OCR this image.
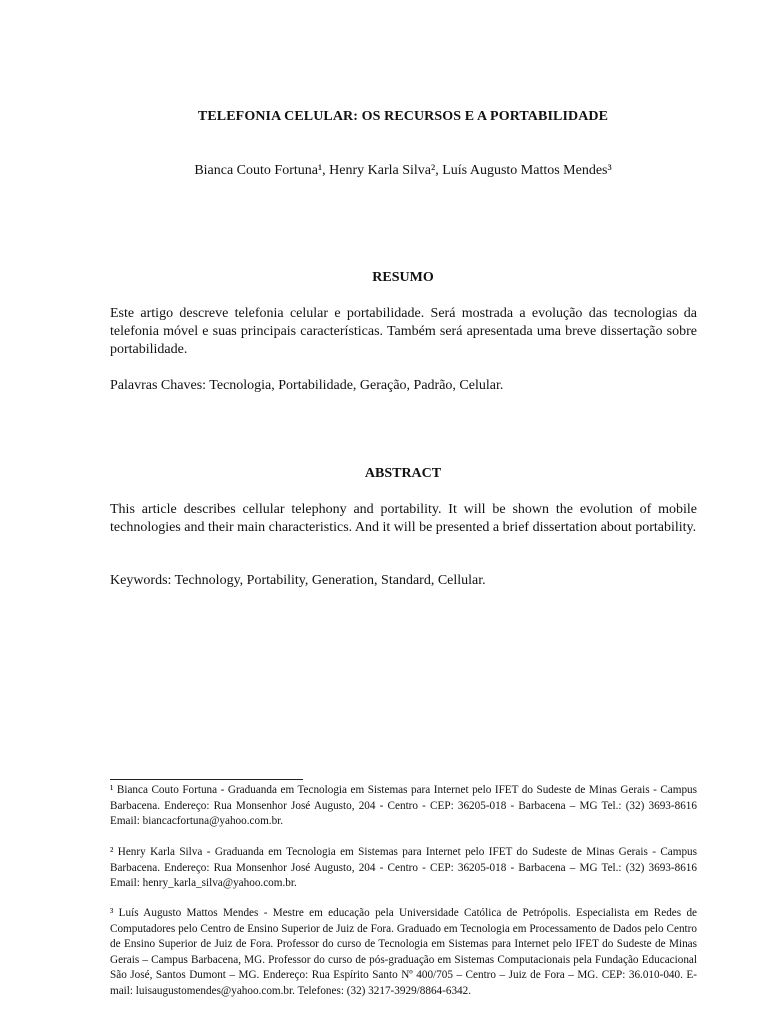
TELEFONIA CELULAR: OS RECURSOS E A PORTABILIDADE
Bianca Couto Fortuna¹, Henry Karla Silva², Luís Augusto Mattos Mendes³
RESUMO

Este artigo descreve telefonia celular e portabilidade. Será mostrada a evolução das tecnologias da telefonia móvel e suas principais características. Também será apresentada uma breve dissertação sobre portabilidade.

Palavras Chaves: Tecnologia, Portabilidade, Geração, Padrão, Celular.

ABSTRACT

This article describes cellular telephony and portability. It will be shown the evolution of mobile technologies and their main characteristics. And it will be presented a brief dissertation about portability.

Keywords: Technology, Portability, Generation, Standard, Cellular.

¹ Bianca Couto Fortuna - Graduanda em Tecnologia em Sistemas para Internet pelo IFET do Sudeste de Minas Gerais - Campus Barbacena. Endereço: Rua Monsenhor José Augusto, 204 - Centro - CEP: 36205-018 - Barbacena – MG Tel.: (32) 3693-8616 Email: biancacfortuna@yahoo.com.br.

² Henry Karla Silva - Graduanda em Tecnologia em Sistemas para Internet pelo IFET do Sudeste de Minas Gerais - Campus Barbacena. Endereço: Rua Monsenhor José Augusto, 204 - Centro - CEP: 36205-018 - Barbacena – MG Tel.: (32) 3693-8616 Email: henry_karla_silva@yahoo.com.br.

³ Luís Augusto Mattos Mendes - Mestre em educação pela Universidade Católica de Petrópolis. Especialista em Redes de Computadores pelo Centro de Ensino Superior de Juiz de Fora. Graduado em Tecnologia em Processamento de Dados pelo Centro de Ensino Superior de Juiz de Fora. Professor do curso de Tecnologia em Sistemas para Internet pelo IFET do Sudeste de Minas Gerais – Campus Barbacena, MG. Professor do curso de pós-graduação em Sistemas Computacionais pela Fundação Educacional São José, Santos Dumont – MG. Endereço: Rua Espírito Santo Nº 400/705 – Centro – Juiz de Fora – MG. CEP: 36.010-040. E-mail: luisaugustomendes@yahoo.com.br. Telefones: (32) 3217-3929/8864-6342.
